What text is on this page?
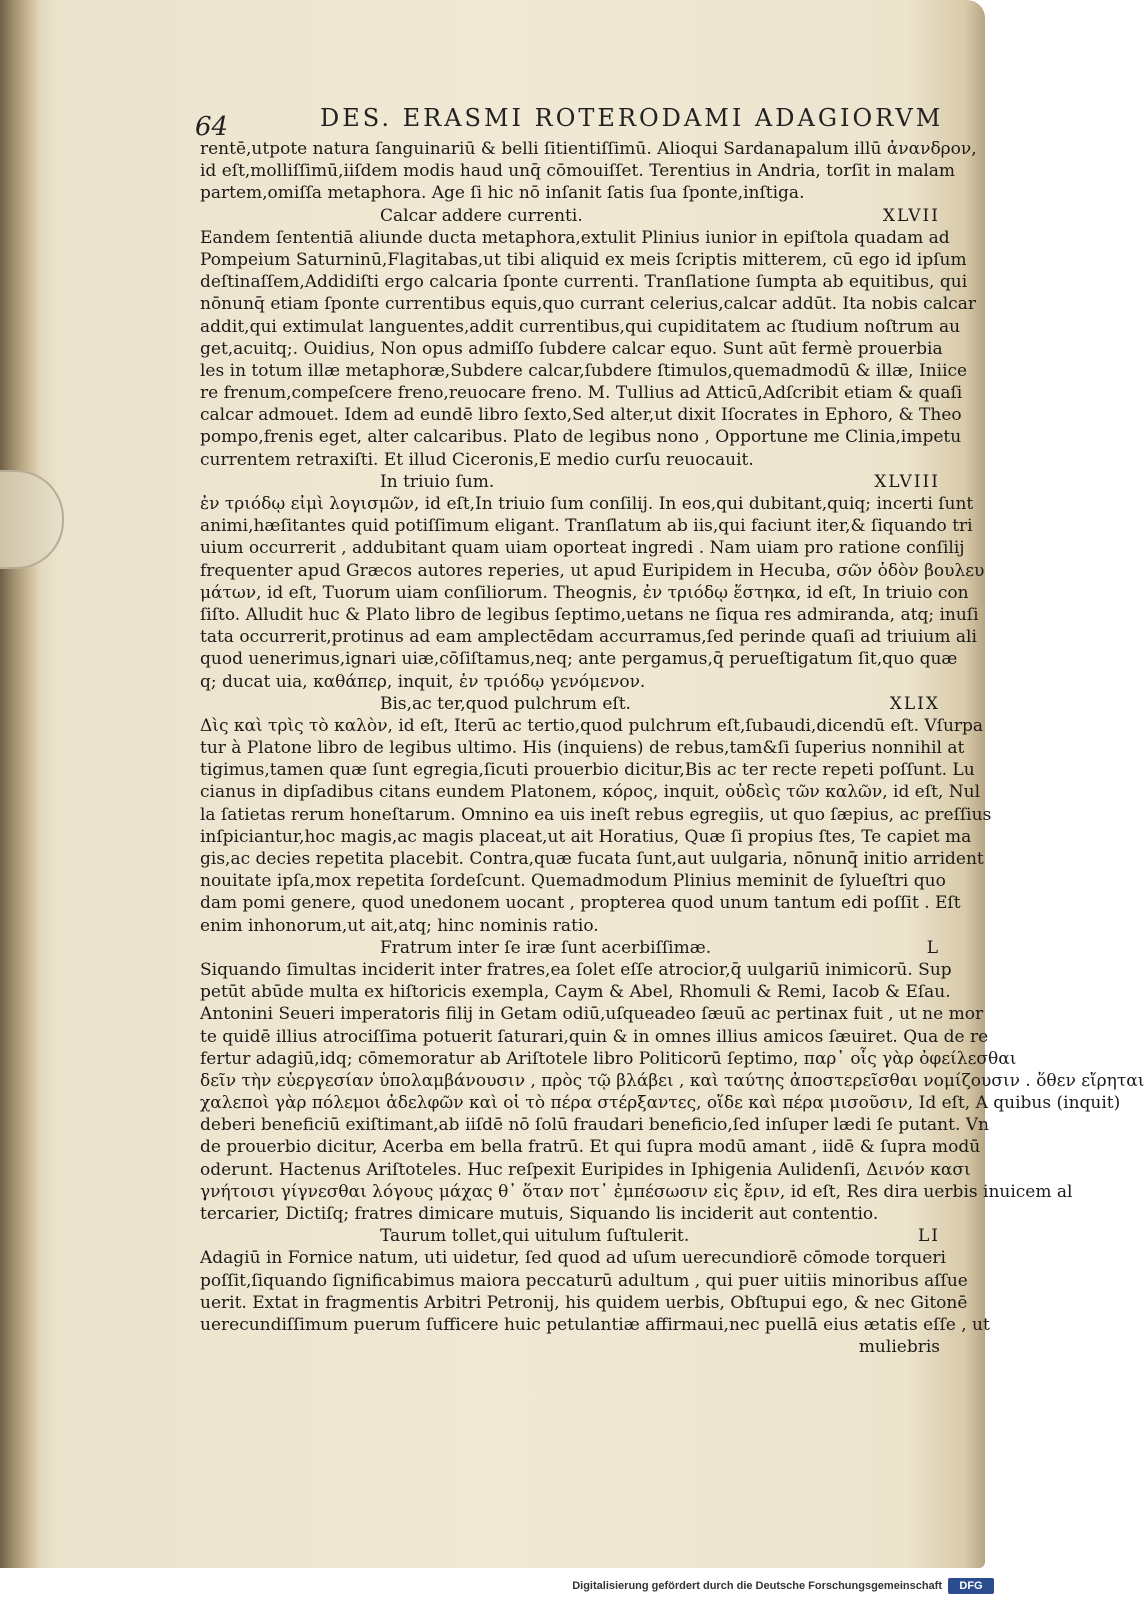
64	DES. ERASMI ROTERODAMI ADAGIORVM
rentē,utpote natura ſanguinariū & belli ſitientiſſimū. Alioqui Sardanapalum illū ἀνανδρον,
id eſt,molliſſimū,iiſdem modis haud unq̄ cōmouiſſet. Terentius in Andria, torſit in malam
partem,omiſſa metaphora. Age ſi hic nō inſanit ſatis ſua ſponte,inſtiga.
Calcar addere currenti.	XLVII
Eandem ſententiā aliunde ducta metaphora,extulit Plinius iunior in epiſtola quadam ad
Pompeium Saturninū,Flagitabas,ut tibi aliquid ex meis ſcriptis mitterem, cū ego id ipſum
deſtinaſſem,Addidiſti ergo calcaria ſponte currenti. Tranſlatione ſumpta ab equitibus, qui
nōnunq̄ etiam ſponte currentibus equis,quo currant celerius,calcar addūt. Ita nobis calcar
addit,qui extimulat languentes,addit currentibus,qui cupiditatem ac ſtudium noſtrum au
get,acuitq;. Ouidius, Non opus admiſſo ſubdere calcar equo. Sunt aūt fermè prouerbia
les in totum illæ metaphoræ,Subdere calcar,ſubdere ſtimulos,quemadmodū & illæ, Iniice
re frenum,compeſcere freno,reuocare freno. M. Tullius ad Atticū,Adſcribit etiam & quaſi
calcar admouet. Idem ad eundē libro ſexto,Sed alter,ut dixit Iſocrates in Ephoro, & Theo
pompo,frenis eget, alter calcaribus. Plato de legibus nono , Opportune me Clinia,impetu
currentem retraxiſti. Et illud Ciceronis,E medio curſu reuocauit.
In triuio ſum.	XLVIII
ἐν τριόδῳ εἰμὶ λογισμῶν, id eſt,In triuio ſum conſilij. In eos,qui dubitant,quiq; incerti ſunt
animi,hæſitantes quid potiſſimum eligant. Tranſlatum ab iis,qui faciunt iter,& ſiquando tri
uium occurrerit , addubitant quam uiam oporteat ingredi . Nam uiam pro ratione conſilij
frequenter apud Græcos autores reperies, ut apud Euripidem in Hecuba, σῶν ὁδὸν βουλευ
μάτων, id eſt, Tuorum uiam conſiliorum. Theognis, ἐν τριόδῳ ἕστηκα, id eſt, In triuio con
ſiſto. Alludit huc & Plato libro de legibus ſeptimo,uetans ne ſiqua res admiranda, atq; inuſi
tata occurrerit,protinus ad eam amplectēdam accurramus,ſed perinde quaſi ad triuium ali
quod uenerimus,ignari uiæ,cōſiſtamus,neq; ante pergamus,q̄ perueſtigatum ſit,quo quæ
q; ducat uia, καθάπερ, inquit, ἐν τριόδῳ γενόμενον.
Bis,ac ter,quod pulchrum eſt.	XLIX
Δὶς καὶ τρὶς τὸ καλὸν, id eſt, Iterū ac tertio,quod pulchrum eſt,ſubaudi,dicendū eſt. Vſurpa
tur à Platone libro de legibus ultimo. His (inquiens) de rebus,tam&ſi ſuperius nonnihil at
tigimus,tamen quæ ſunt egregia,ſicuti prouerbio dicitur,Bis ac ter recte repeti poſſunt. Lu
cianus in dipſadibus citans eundem Platonem, κόρος, inquit, οὐδεὶς τῶν καλῶν, id eſt, Nul
la ſatietas rerum honeſtarum. Omnino ea uis ineſt rebus egregiis, ut quo ſæpius, ac preſſius
inſpiciantur,hoc magis,ac magis placeat,ut ait Horatius, Quæ ſi propius ſtes, Te capiet ma
gis,ac decies repetita placebit. Contra,quæ fucata ſunt,aut uulgaria, nōnunq̄ initio arrident
nouitate ipſa,mox repetita ſordeſcunt. Quemadmodum Plinius meminit de ſylueſtri quo
dam pomi genere, quod unedonem uocant , propterea quod unum tantum edi poſſit . Eſt
enim inhonorum,ut ait,atq; hinc nominis ratio.
Fratrum inter ſe iræ ſunt acerbiſſimæ.	L
Siquando ſimultas inciderit inter fratres,ea ſolet eſſe atrocior,q̄ uulgariū inimicorū. Sup
petūt abūde multa ex hiſtoricis exempla, Caym & Abel, Rhomuli & Remi, Iacob & Eſau.
Antonini Seueri imperatoris filij in Getam odiū,uſqueadeo ſæuū ac pertinax fuit , ut ne mor
te quidē illius atrociſſima potuerit ſaturari,quin & in omnes illius amicos ſæuiret. Qua de re
fertur adagiū,idq; cōmemoratur ab Ariſtotele libro Politicorū ſeptimo, παρ᾽ οἷς γὰρ ὀφείλεσθαι
δεῖν τὴν εὐεργεσίαν ὑπολαμβάνουσιν , πρὸς τῷ βλάβει , καὶ ταύτης ἀποστερεῖσθαι νομίζουσιν . ὅθεν εἴρηται
χαλεποὶ γὰρ πόλεμοι ἀδελφῶν καὶ οἱ τὸ πέρα στέρξαντες, οἵδε καὶ πέρα μισοῦσιν, Id eſt, A quibus (inquit)
deberi beneficiū exiſtimant,ab iiſdē nō ſolū fraudari beneficio,ſed inſuper lædi ſe putant. Vn
de prouerbio dicitur, Acerba em bella fratrū. Et qui ſupra modū amant , iidē & ſupra modū
oderunt. Hactenus Ariſtoteles. Huc reſpexit Euripides in Iphigenia Aulidenſi, Δεινόν κασι
γνήτοισι γίγνεσθαι λόγους μάχας θ᾽ ὅταν ποτ᾽ ἐμπέσωσιν εἰς ἔριν, id eſt, Res dira uerbis inuicem al
tercarier, Dictiſq; fratres dimicare mutuis, Siquando lis inciderit aut contentio.
Taurum tollet,qui uitulum ſuſtulerit.	LI
Adagiū in Fornice natum, uti uidetur, ſed quod ad uſum uerecundiorē cōmode torqueri
poſſit,ſiquando ſignificabimus maiora peccaturū adultum , qui puer uitiis minoribus aſſue
uerit. Extat in fragmentis Arbitri Petronij, his quidem uerbis, Obſtupui ego, & nec Gitonē
uerecundiſſimum puerum ſufficere huic petulantiæ affirmaui,nec puellā eius ætatis eſſe , ut
muliebris
Digitalisierung gefördert durch die Deutsche Forschungsgemeinschaft	DFG
